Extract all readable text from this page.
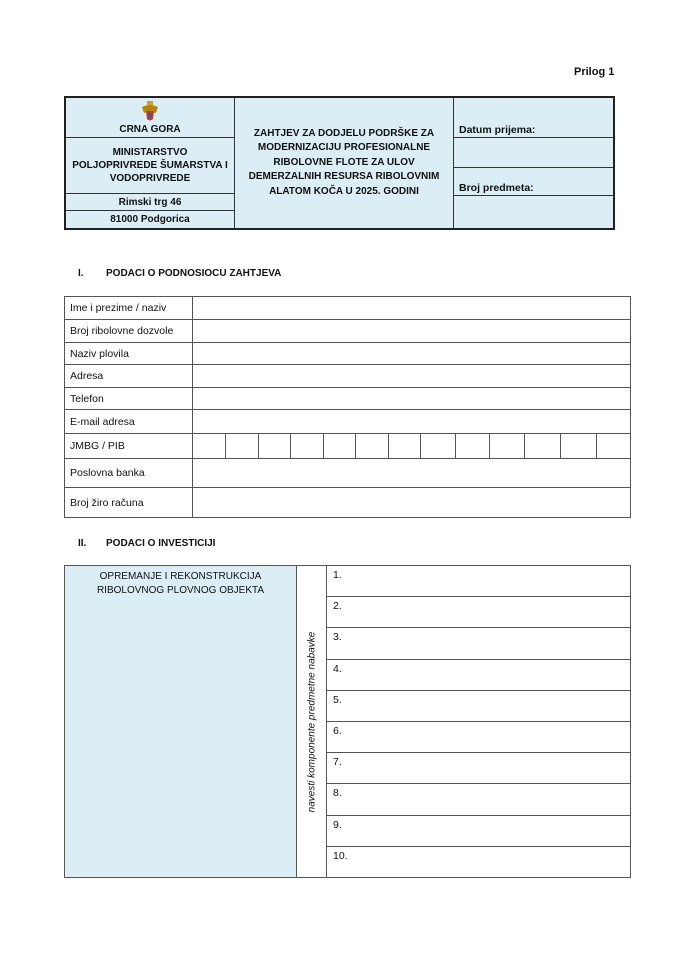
Prilog 1
CRNA GORA
MINISTARSTVO POLJOPRIVREDE ŠUMARSTVA I VODOPRIVREDE
Rimski trg 46
81000 Podgorica
ZAHTJEV ZA DODJELU PODRŠKE ZA MODERNIZACIJU PROFESIONALNE RIBOLOVNE FLOTE ZA ULOV DEMERZALNIH RESURSA RIBOLOVNIM ALATOM KOČA U 2025. GODINI
Datum prijema:
Broj predmeta:
I. PODACI O PODNOSIOCU ZAHTJEVA
Ime i prezime / naziv	
Broj ribolovne dozvole	
Naziv plovila	
Adresa	
Telefon	
E-mail adresa	
JMBG / PIB	

Poslovna banka	
Broj žiro računa	
II. PODACI O INVESTICIJI
OPREMANJE I REKONSTRUKCIJA RIBOLOVNOG PLOVNOG OBJEKTA
navesti komponente predmetne nabavke
1.
2.
3.
4.
5.
6.
7.
8.
9.
10.
